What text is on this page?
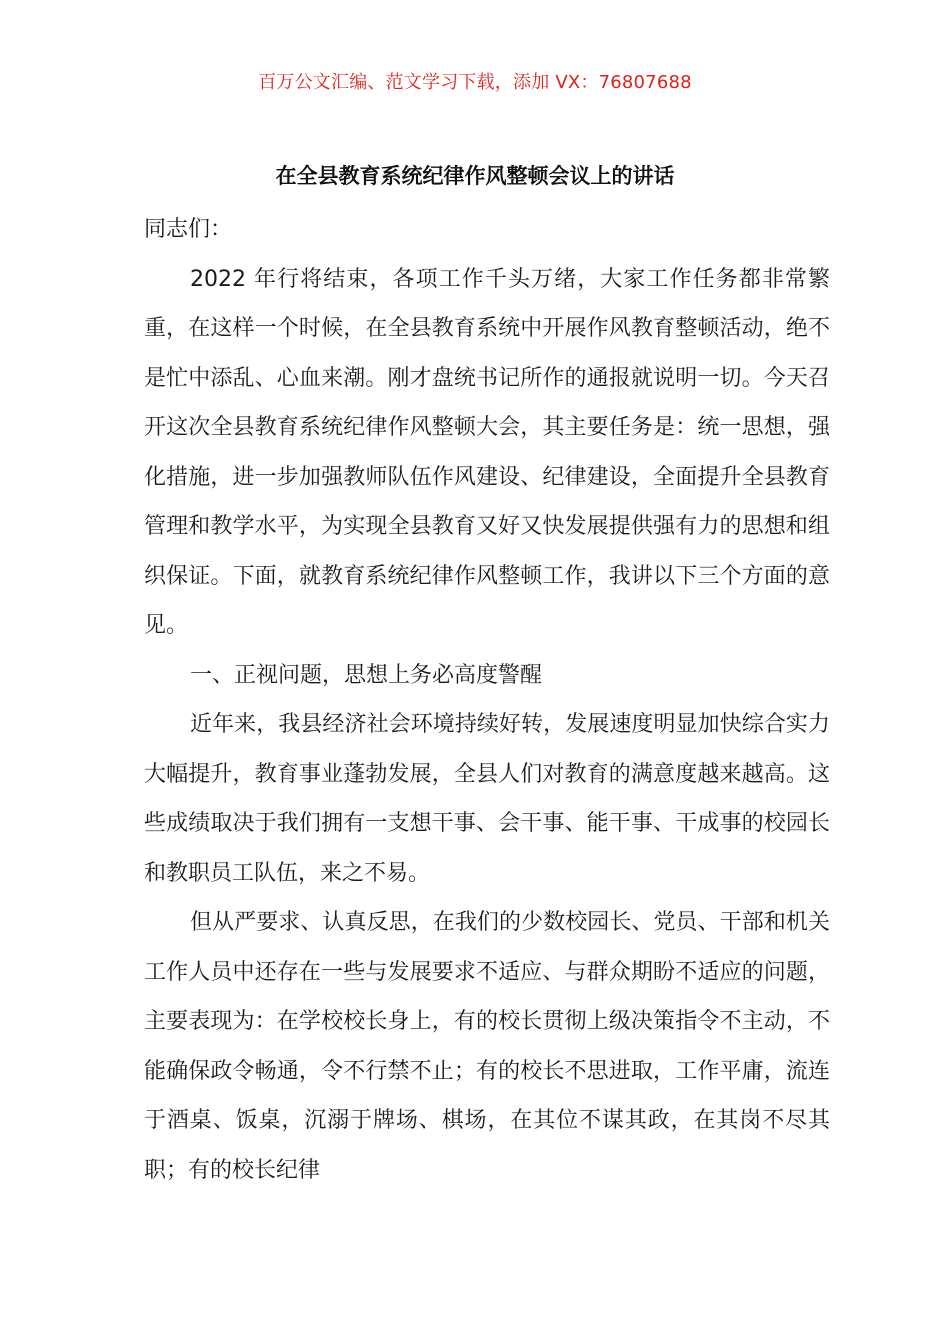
百万公文汇编、范文学习下载，添加 VX：76807688
在全县教育系统纪律作风整顿会议上的讲话

同志们：

2022 年行将结束，各项工作千头万绪，大家工作任务都非常繁重，在这样一个时候，在全县教育系统中开展作风教育整顿活动，绝不是忙中添乱、心血来潮。刚才盘统书记所作的通报就说明一切。今天召开这次全县教育系统纪律作风整顿大会，其主要任务是：统一思想，强化措施，进一步加强教师队伍作风建设、纪律建设，全面提升全县教育管理和教学水平，为实现全县教育又好又快发展提供强有力的思想和组织保证。下面，就教育系统纪律作风整顿工作，我讲以下三个方面的意见。

一、正视问题，思想上务必高度警醒

近年来，我县经济社会环境持续好转，发展速度明显加快综合实力大幅提升，教育事业蓬勃发展，全县人们对教育的满意度越来越高。这些成绩取决于我们拥有一支想干事、会干事、能干事、干成事的校园长和教职员工队伍，来之不易。

但从严要求、认真反思，在我们的少数校园长、党员、干部和机关工作人员中还存在一些与发展要求不适应、与群众期盼不适应的问题，主要表现为：在学校校长身上，有的校长贯彻上级决策指令不主动，不能确保政令畅通，令不行禁不止；有的校长不思进取，工作平庸，流连于酒桌、饭桌，沉溺于牌场、棋场，在其位不谋其政，在其岗不尽其职；有的校长纪律
